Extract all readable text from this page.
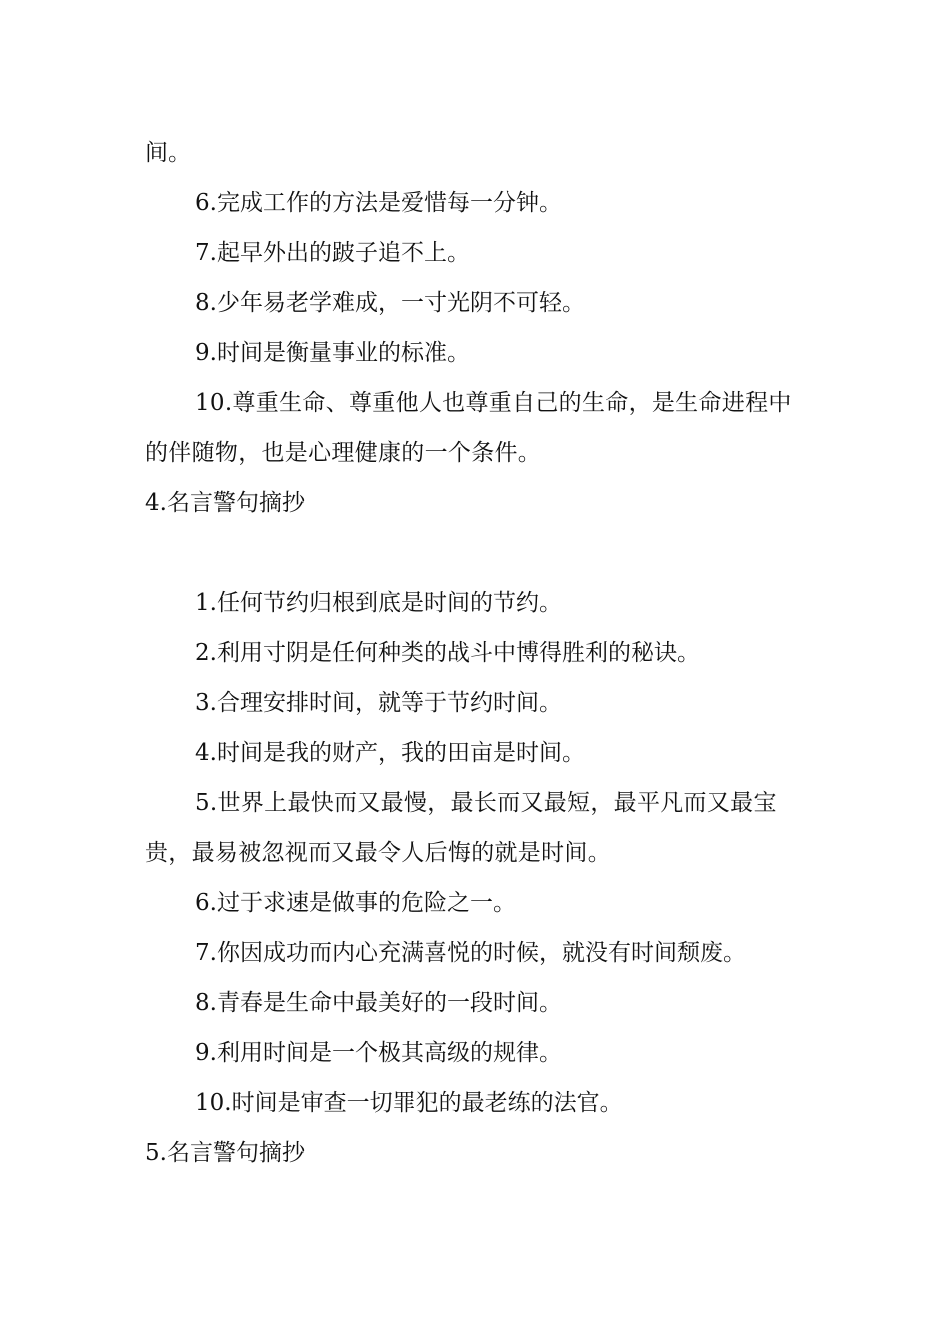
间。
6.完成工作的方法是爱惜每一分钟。
7.起早外出的跛子追不上。
8.少年易老学难成，一寸光阴不可轻。
9.时间是衡量事业的标准。
10.尊重生命、尊重他人也尊重自己的生命，是生命进程中的伴随物，也是心理健康的一个条件。
4.名言警句摘抄
1.任何节约归根到底是时间的节约。
2.利用寸阴是任何种类的战斗中博得胜利的秘诀。
3.合理安排时间，就等于节约时间。
4.时间是我的财产，我的田亩是时间。
5.世界上最快而又最慢，最长而又最短，最平凡而又最宝贵，最易被忽视而又最令人后悔的就是时间。
6.过于求速是做事的危险之一。
7.你因成功而内心充满喜悦的时候，就没有时间颓废。
8.青春是生命中最美好的一段时间。
9.利用时间是一个极其高级的规律。
10.时间是审查一切罪犯的最老练的法官。
5.名言警句摘抄
